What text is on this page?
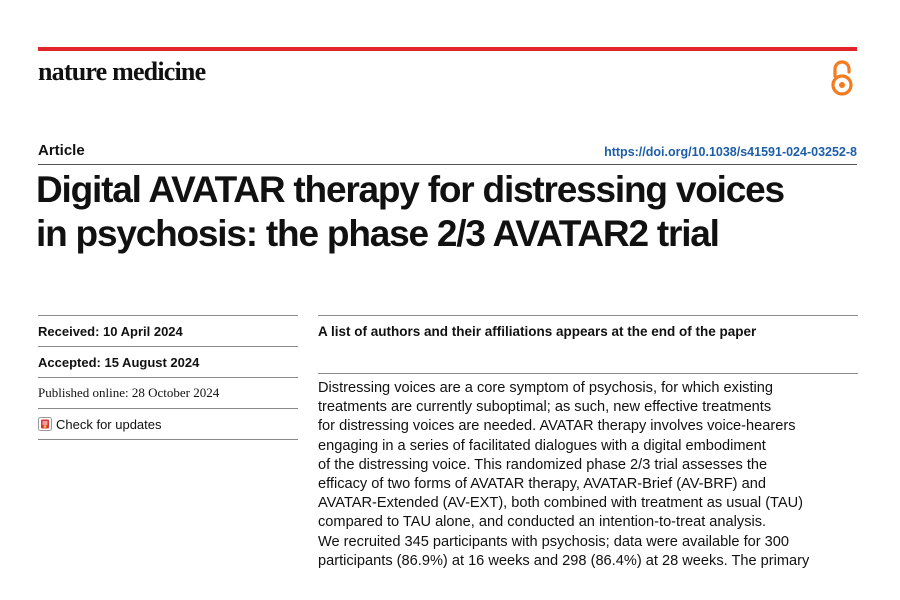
nature medicine
Article	https://doi.org/10.1038/s41591-024-03252-8
Digital AVATAR therapy for distressing voices
in psychosis: the phase 2/3 AVATAR2 trial
Received: 10 April 2024
Accepted: 15 August 2024
Published online: 28 October 2024
Check for updates
A list of authors and their affiliations appears at the end of the paper
Distressing voices are a core symptom of psychosis, for which existing
treatments are currently suboptimal; as such, new effective treatments
for distressing voices are needed. AVATAR therapy involves voice-hearers
engaging in a series of facilitated dialogues with a digital embodiment
of the distressing voice. This randomized phase 2/3 trial assesses the
efficacy of two forms of AVATAR therapy, AVATAR-Brief (AV-BRF) and
AVATAR-Extended (AV-EXT), both combined with treatment as usual (TAU)
compared to TAU alone, and conducted an intention-to-treat analysis.
We recruited 345 participants with psychosis; data were available for 300
participants (86.9%) at 16 weeks and 298 (86.4%) at 28 weeks. The primary
